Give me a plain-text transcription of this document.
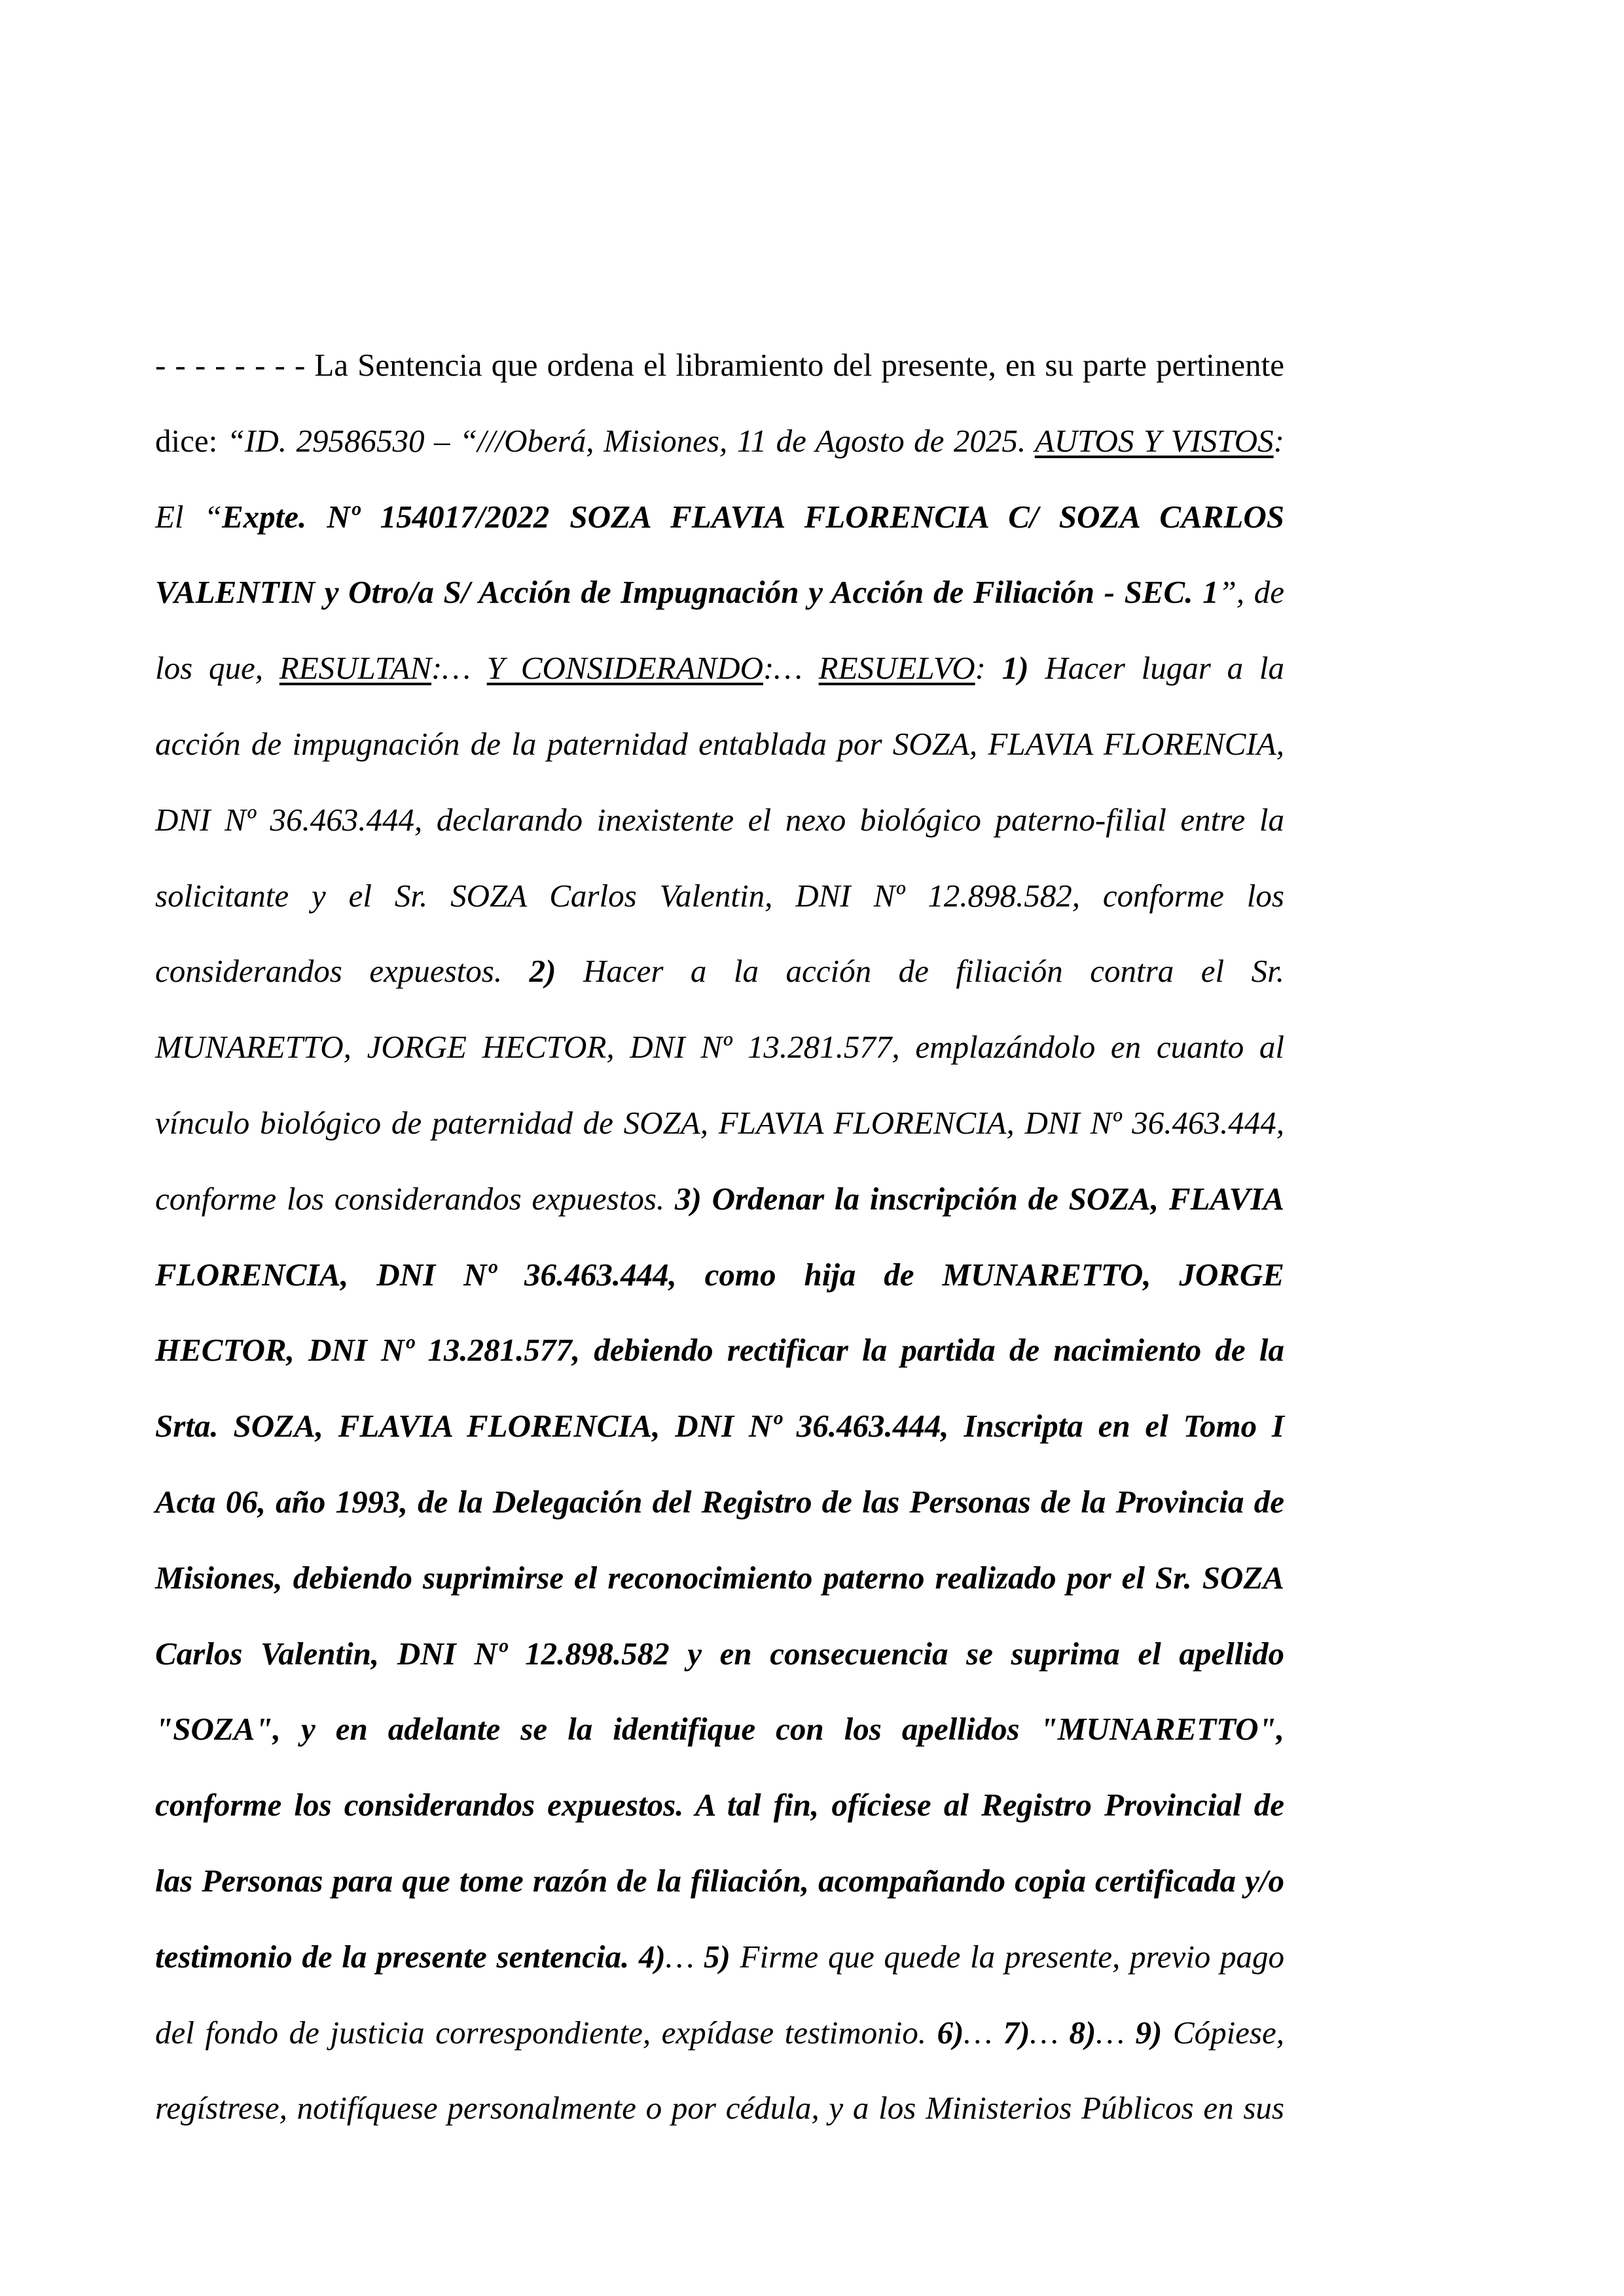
- - - - - - - - La Sentencia que ordena el libramiento del presente, en su parte pertinente
dice: “ID. 29586530 – “///Oberá, Misiones, 11 de Agosto de 2025. AUTOS Y VISTOS:
El “Expte. Nº 154017/2022 SOZA FLAVIA FLORENCIA C/ SOZA CARLOS
VALENTIN y Otro/a S/ Acción de Impugnación y Acción de Filiación - SEC. 1”, de
los que, RESULTAN:… Y CONSIDERANDO:… RESUELVO: 1) Hacer lugar a la
acción de impugnación de la paternidad entablada por SOZA, FLAVIA FLORENCIA,
DNI Nº 36.463.444, declarando inexistente el nexo biológico paterno-filial entre la
solicitante y el Sr. SOZA Carlos Valentin, DNI Nº 12.898.582, conforme los
considerandos expuestos. 2) Hacer a la acción de filiación contra el Sr.
MUNARETTO, JORGE HECTOR, DNI Nº 13.281.577, emplazándolo en cuanto al
vínculo biológico de paternidad de SOZA, FLAVIA FLORENCIA, DNI Nº 36.463.444,
conforme los considerandos expuestos. 3) Ordenar la inscripción de SOZA, FLAVIA
FLORENCIA, DNI Nº 36.463.444, como hija de MUNARETTO, JORGE
HECTOR, DNI Nº 13.281.577, debiendo rectificar la partida de nacimiento de la
Srta. SOZA, FLAVIA FLORENCIA, DNI Nº 36.463.444, Inscripta en el Tomo I
Acta 06, año 1993, de la Delegación del Registro de las Personas de la Provincia de
Misiones, debiendo suprimirse el reconocimiento paterno realizado por el Sr. SOZA
Carlos Valentin, DNI Nº 12.898.582 y en consecuencia se suprima el apellido
"SOZA", y en adelante se la identifique con los apellidos "MUNARETTO",
conforme los considerandos expuestos. A tal fin, ofíciese al Registro Provincial de
las Personas para que tome razón de la filiación, acompañando copia certificada y/o
testimonio de la presente sentencia. 4)… 5) Firme que quede la presente, previo pago
del fondo de justicia correspondiente, expídase testimonio. 6)… 7)… 8)… 9) Cópiese,
regístrese, notifíquese personalmente o por cédula, y a los Ministerios Públicos en sus
